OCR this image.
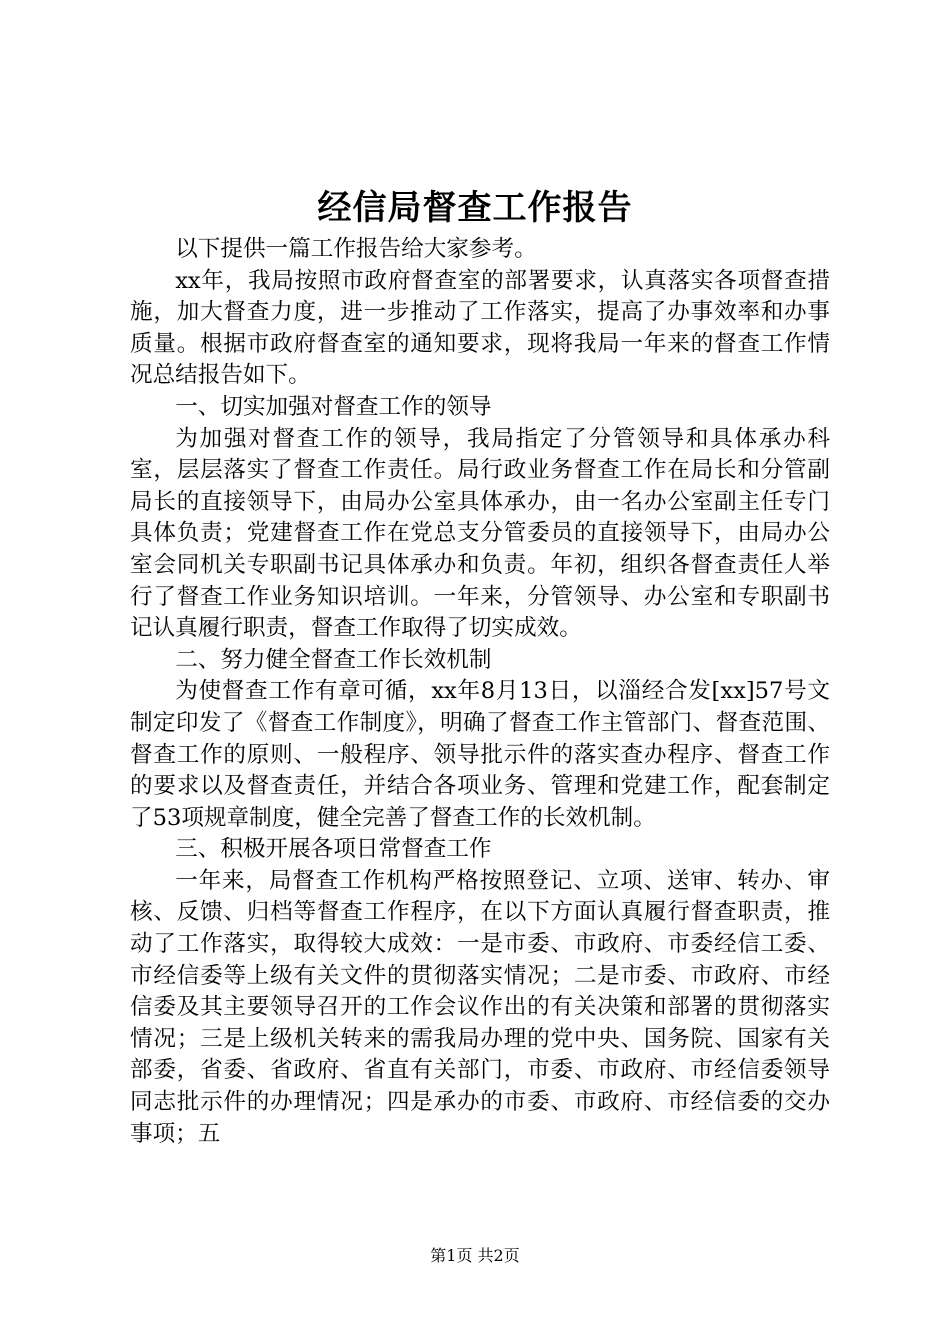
经信局督查工作报告

以下提供一篇工作报告给大家参考。

xx年，我局按照市政府督查室的部署要求，认真落实各项督查措施，加大督查力度，进一步推动了工作落实，提高了办事效率和办事质量。根据市政府督查室的通知要求，现将我局一年来的督查工作情况总结报告如下。

一、切实加强对督查工作的领导

为加强对督查工作的领导，我局指定了分管领导和具体承办科室，层层落实了督查工作责任。局行政业务督查工作在局长和分管副局长的直接领导下，由局办公室具体承办，由一名办公室副主任专门具体负责；党建督查工作在党总支分管委员的直接领导下，由局办公室会同机关专职副书记具体承办和负责。年初，组织各督查责任人举行了督查工作业务知识培训。一年来，分管领导、办公室和专职副书记认真履行职责，督查工作取得了切实成效。

二、努力健全督查工作长效机制

为使督查工作有章可循，xx年8月13日，以淄经合发[xx]57号文制定印发了《督查工作制度》，明确了督查工作主管部门、督查范围、督查工作的原则、一般程序、领导批示件的落实查办程序、督查工作的要求以及督查责任，并结合各项业务、管理和党建工作，配套制定了53项规章制度，健全完善了督查工作的长效机制。

三、积极开展各项日常督查工作

一年来，局督查工作机构严格按照登记、立项、送审、转办、审核、反馈、归档等督查工作程序，在以下方面认真履行督查职责，推动了工作落实，取得较大成效：一是市委、市政府、市委经信工委、市经信委等上级有关文件的贯彻落实情况；二是市委、市政府、市经信委及其主要领导召开的工作会议作出的有关决策和部署的贯彻落实情况；三是上级机关转来的需我局办理的党中央、国务院、国家有关部委，省委、省政府、省直有关部门，市委、市政府、市经信委领导同志批示件的办理情况；四是承办的市委、市政府、市经信委的交办事项；五

第1页 共2页
